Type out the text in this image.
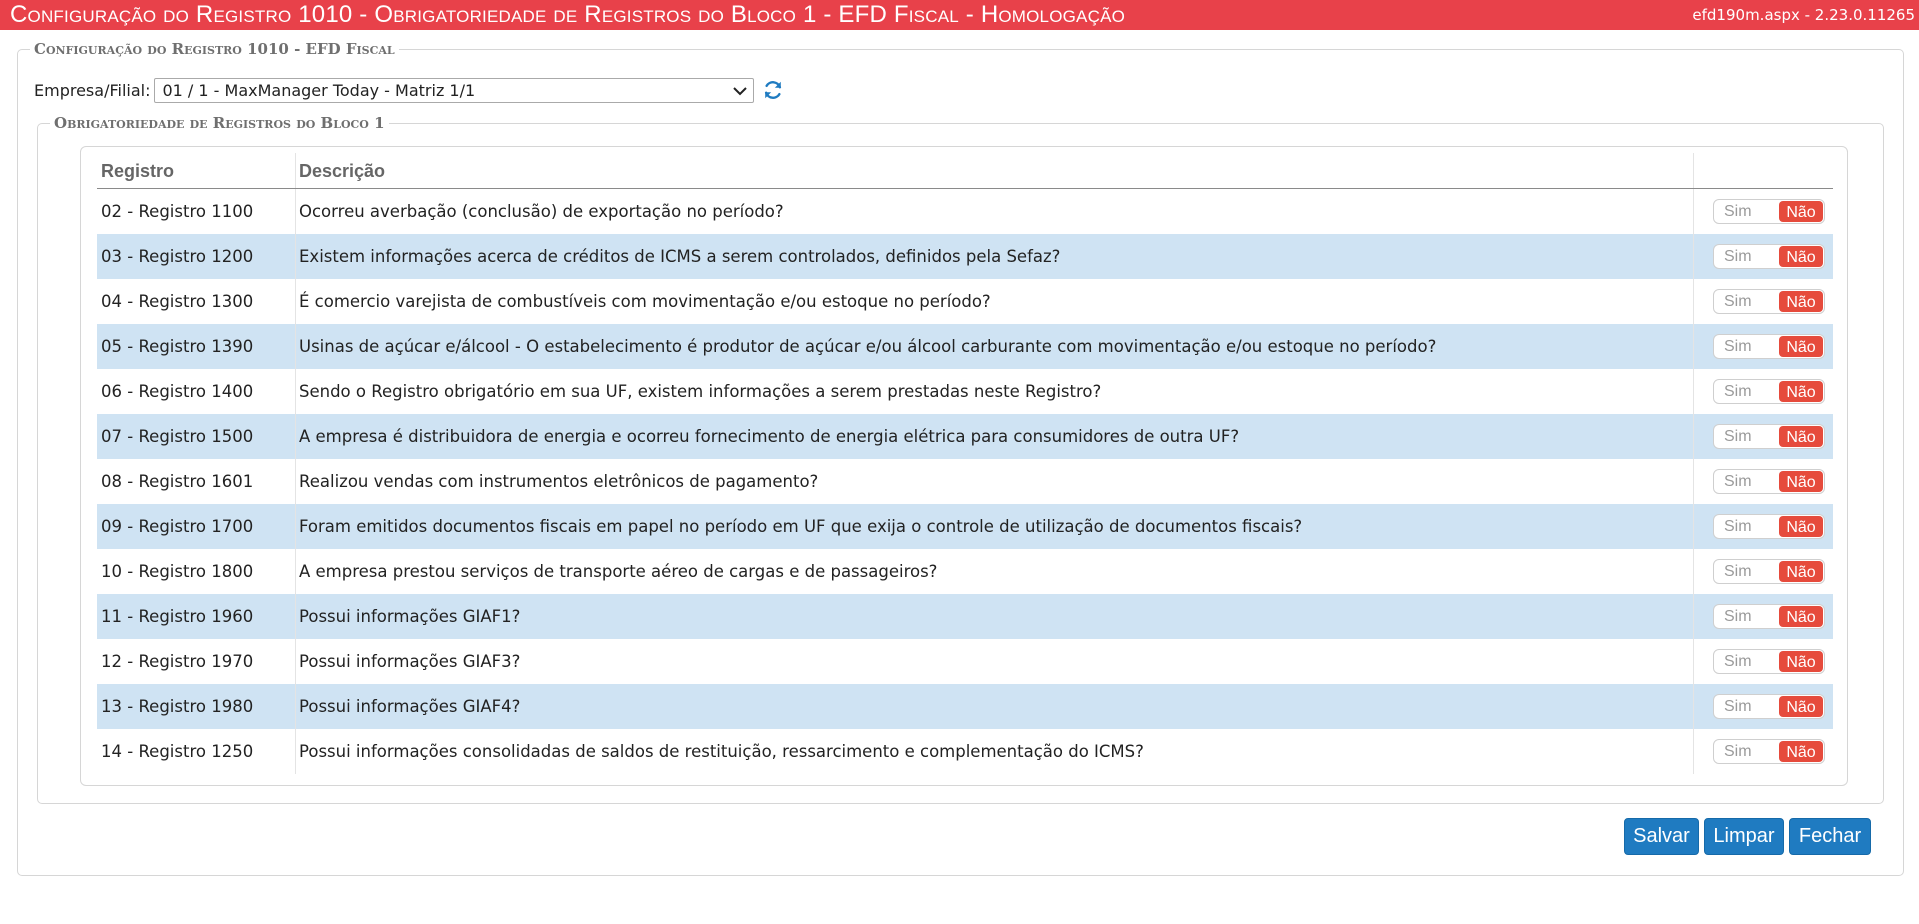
Configuração do Registro 1010 - Obrigatoriedade de Registros do Bloco 1 - EFD Fiscal - Homologação	efd190m.aspx - 2.23.0.11265
Configuração do Registro 1010 - EFD Fiscal
Empresa/Filial: 01 / 1 - MaxManager Today - Matriz 1/1
Obrigatoriedade de Registros do Bloco 1
Registro	Descrição
02 - Registro 1100	Ocorreu averbação (conclusão) de exportação no período?	Sim	Não
03 - Registro 1200	Existem informações acerca de créditos de ICMS a serem controlados, definidos pela Sefaz?	Sim	Não
04 - Registro 1300	É comercio varejista de combustíveis com movimentação e/ou estoque no período?	Sim	Não
05 - Registro 1390	Usinas de açúcar e/álcool - O estabelecimento é produtor de açúcar e/ou álcool carburante com movimentação e/ou estoque no período?	Sim	Não
06 - Registro 1400	Sendo o Registro obrigatório em sua UF, existem informações a serem prestadas neste Registro?	Sim	Não
07 - Registro 1500	A empresa é distribuidora de energia e ocorreu fornecimento de energia elétrica para consumidores de outra UF?	Sim	Não
08 - Registro 1601	Realizou vendas com instrumentos eletrônicos de pagamento?	Sim	Não
09 - Registro 1700	Foram emitidos documentos fiscais em papel no período em UF que exija o controle de utilização de documentos fiscais?	Sim	Não
10 - Registro 1800	A empresa prestou serviços de transporte aéreo de cargas e de passageiros?	Sim	Não
11 - Registro 1960	Possui informações GIAF1?	Sim	Não
12 - Registro 1970	Possui informações GIAF3?	Sim	Não
13 - Registro 1980	Possui informações GIAF4?	Sim	Não
14 - Registro 1250	Possui informações consolidadas de saldos de restituição, ressarcimento e complementação do ICMS?	Sim	Não
Salvar	Limpar	Fechar
